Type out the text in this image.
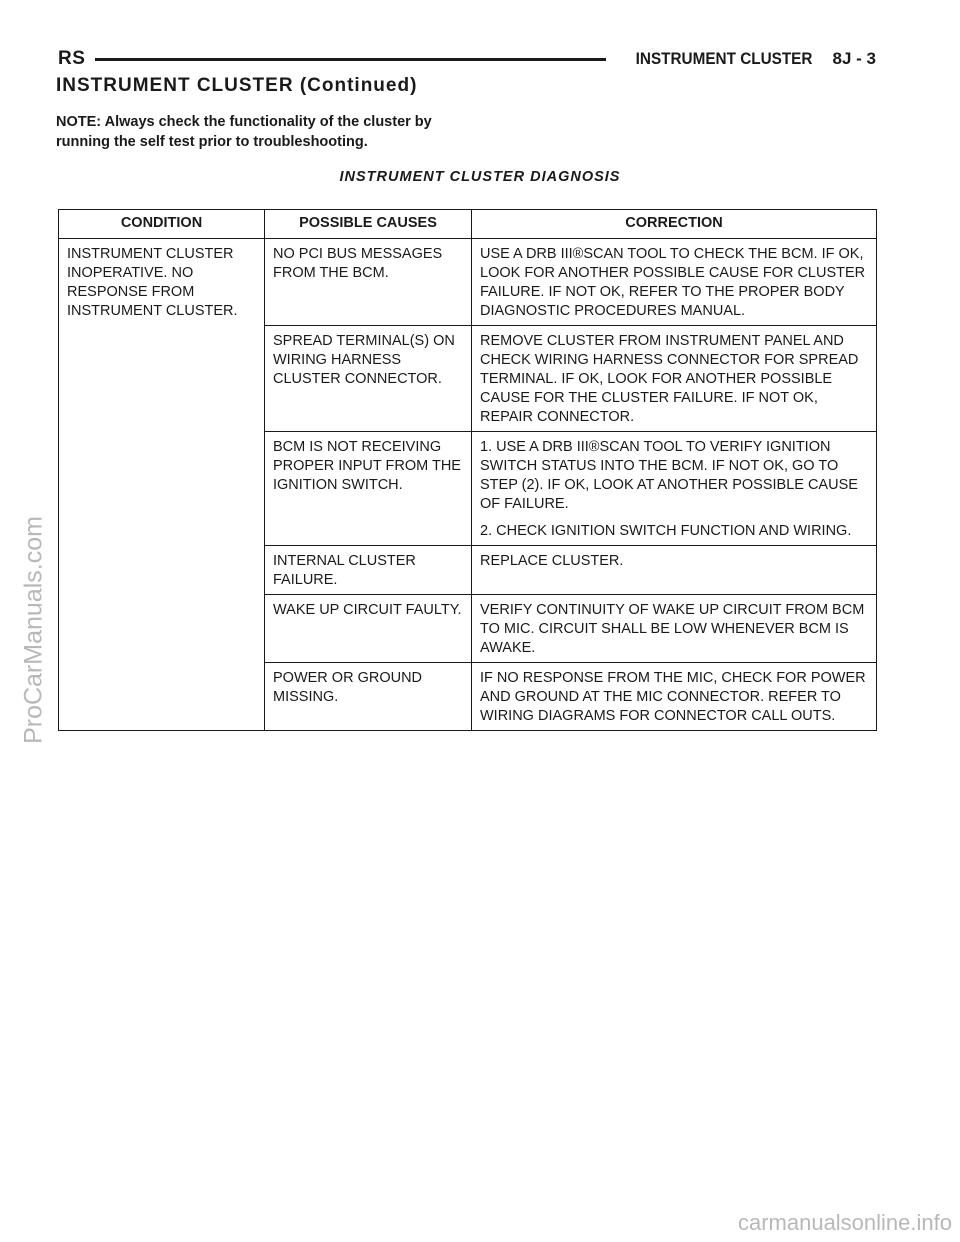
RS	INSTRUMENT CLUSTER 8J - 3
INSTRUMENT CLUSTER (Continued)
NOTE: Always check the functionality of the cluster by running the self test prior to troubleshooting.
INSTRUMENT CLUSTER DIAGNOSIS
CONDITION	POSSIBLE CAUSES	CORRECTION
INSTRUMENT CLUSTER INOPERATIVE. NO RESPONSE FROM INSTRUMENT CLUSTER.	NO PCI BUS MESSAGES FROM THE BCM.	USE A DRB III®SCAN TOOL TO CHECK THE BCM. IF OK, LOOK FOR ANOTHER POSSIBLE CAUSE FOR CLUSTER FAILURE. IF NOT OK, REFER TO THE PROPER BODY DIAGNOSTIC PROCEDURES MANUAL.

	SPREAD TERMINAL(S) ON WIRING HARNESS CLUSTER CONNECTOR.	REMOVE CLUSTER FROM INSTRUMENT PANEL AND CHECK WIRING HARNESS CONNECTOR FOR SPREAD TERMINAL. IF OK, LOOK FOR ANOTHER POSSIBLE CAUSE FOR THE CLUSTER FAILURE. IF NOT OK, REPAIR CONNECTOR.

	BCM IS NOT RECEIVING PROPER INPUT FROM THE IGNITION SWITCH.	1. USE A DRB III®SCAN TOOL TO VERIFY IGNITION SWITCH STATUS INTO THE BCM. IF NOT OK, GO TO STEP (2). IF OK, LOOK AT ANOTHER POSSIBLE CAUSE OF FAILURE.
2. CHECK IGNITION SWITCH FUNCTION AND WIRING.

	INTERNAL CLUSTER FAILURE.	REPLACE CLUSTER.

	WAKE UP CIRCUIT FAULTY.	VERIFY CONTINUITY OF WAKE UP CIRCUIT FROM BCM TO MIC. CIRCUIT SHALL BE LOW WHENEVER BCM IS AWAKE.

	POWER OR GROUND MISSING.	IF NO RESPONSE FROM THE MIC, CHECK FOR POWER AND GROUND AT THE MIC CONNECTOR. REFER TO WIRING DIAGRAMS FOR CONNECTOR CALL OUTS.
ProCarManuals.com
carmanualsonline.info
